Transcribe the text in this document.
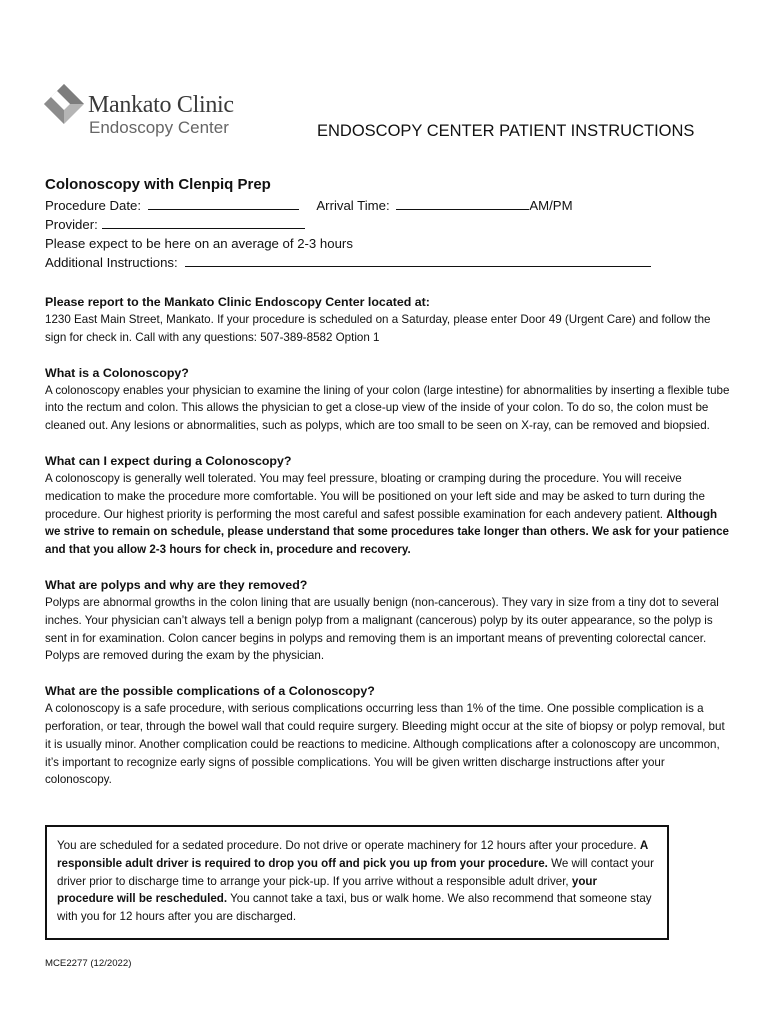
Mankato Clinic
Endoscopy Center	ENDOSCOPY CENTER PATIENT INSTRUCTIONS
Colonoscopy with Clenpiq Prep
Procedure Date:	Arrival Time:	AM/PM
Provider:
Please expect to be here on an average of 2-3 hours
Additional Instructions:
Please report to the Mankato Clinic Endoscopy Center located at:

1230 East Main Street, Mankato. If your procedure is scheduled on a Saturday, please enter Door 49 (Urgent Care) and follow the sign for check in. Call with any questions: 507-389-8582 Option 1

What is a Colonoscopy?

A colonoscopy enables your physician to examine the lining of your colon (large intestine) for abnormalities by inserting a flexible tube into the rectum and colon. This allows the physician to get a close-up view of the inside of your colon. To do so, the colon must be cleaned out. Any lesions or abnormalities, such as polyps, which are too small to be seen on X-ray, can be removed and biopsied.

What can I expect during a Colonoscopy?

A colonoscopy is generally well tolerated. You may feel pressure, bloating or cramping during the procedure. You will receive medication to make the procedure more comfortable. You will be positioned on your left side and may be asked to turn during the procedure. Our highest priority is performing the most careful and safest possible examination for each andevery patient. Although we strive to remain on schedule, please understand that some procedures take longer than others. We ask for your patience and that you allow 2-3 hours for check in, procedure and recovery.

What are polyps and why are they removed?

Polyps are abnormal growths in the colon lining that are usually benign (non-cancerous). They vary in size from a tiny dot to several inches. Your physician can’t always tell a benign polyp from a malignant (cancerous) polyp by its outer appearance, so the polyp is sent in for examination. Colon cancer begins in polyps and removing them is an important means of preventing colorectal cancer. Polyps are removed during the exam by the physician.

What are the possible complications of a Colonoscopy?

A colonoscopy is a safe procedure, with serious complications occurring less than 1% of the time. One possible complication is a perforation, or tear, through the bowel wall that could require surgery. Bleeding might occur at the site of biopsy or polyp removal, but it is usually minor. Another complication could be reactions to medicine. Although complications after a colonoscopy are uncommon, it’s important to recognize early signs of possible complications. You will be given written discharge instructions after your colonoscopy.

You are scheduled for a sedated procedure. Do not drive or operate machinery for 12 hours after your procedure. A responsible adult driver is required to drop you off and pick you up from your procedure. We will contact your driver prior to discharge time to arrange your pick-up. If you arrive without a responsible adult driver, your procedure will be rescheduled. You cannot take a taxi, bus or walk home. We also recommend that someone stay with you for 12 hours after you are discharged.

MCE2277 (12/2022)
